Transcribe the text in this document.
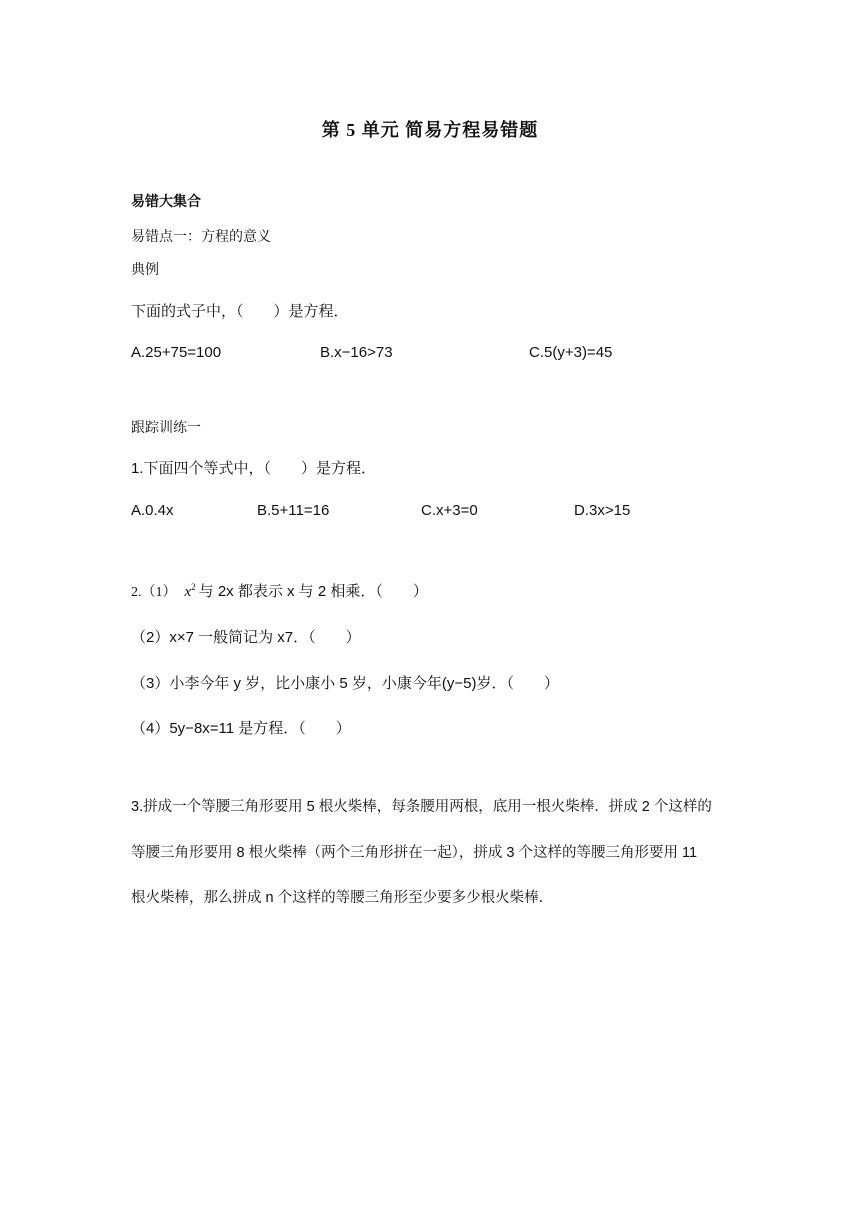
第 5 单元 简易方程易错题
易错大集合
易错点一：方程的意义
典例
下面的式子中，（　　）是方程．
A.25+75=100	B.x−16>73	C.5(y+3)=45
跟踪训练一
1.下面四个等式中，（　　）是方程．
A.0.4x	B.5+11=16	C.x+3=0	D.3x>15
2.（1） $x^2$ 与 2x 都表示 x 与 2 相乘．（　　）
（2）x×7 一般简记为 x7．（　　）
（3）小李今年 y 岁，比小康小 5 岁，小康今年(y−5)岁．（　　）
（4）5y−8x=11 是方程．（　　）
3.拼成一个等腰三角形要用 5 根火柴棒，每条腰用两根，底用一根火柴棒．拼成 2 个这样的
等腰三角形要用 8 根火柴棒（两个三角形拼在一起），拼成 3 个这样的等腰三角形要用 11
根火柴棒，那么拼成 n 个这样的等腰三角形至少要多少根火柴棒．
